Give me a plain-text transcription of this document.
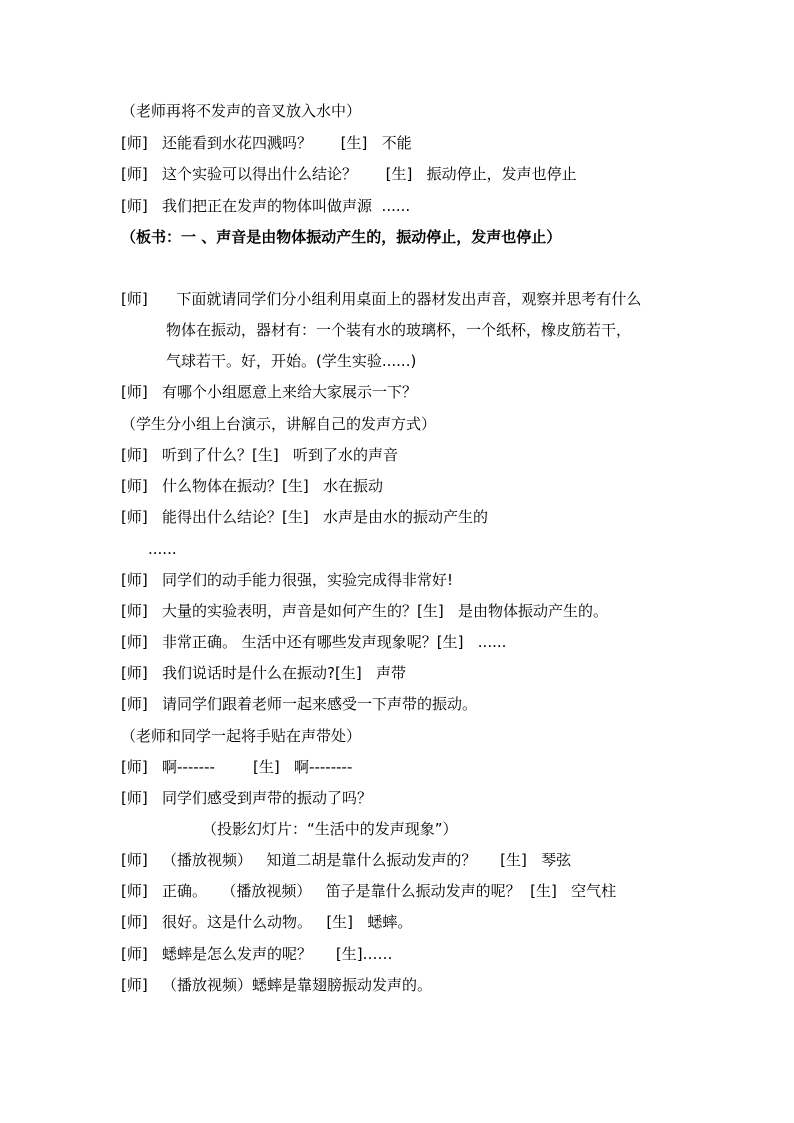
（老师再将不发声的音叉放入水中）
[师]   还能看到水花四溅吗？      [生]   不能
[师]   这个实验可以得出什么结论？      [生]   振动停止，发声也停止
[师]   我们把正在发声的物体叫做声源  ......
（板书：一 、声音是由物体振动产生的，振动停止，发声也停止）
[师]      下面就请同学们分小组利用桌面上的器材发出声音，观察并思考有什么
物体在振动，器材有：一个装有水的玻璃杯，一个纸杯，橡皮筋若干，
气球若干。好，开始。(学生实验......)
[师]   有哪个小组愿意上来给大家展示一下？
（学生分小组上台演示，讲解自己的发声方式）
[师]   听到了什么？[生]   听到了水的声音
[师]   什么物体在振动？[生]   水在振动
[师]   能得出什么结论？[生]   水声是由水的振动产生的
......
[师]   同学们的动手能力很强，实验完成得非常好!
[师]   大量的实验表明，声音是如何产生的？[生]   是由物体振动产生的。
[师]   非常正确。 生活中还有哪些发声现象呢？[生]   ......
[师]   我们说话时是什么在振动?[生]   声带
[师]   请同学们跟着老师一起来感受一下声带的振动。
（老师和同学一起将手贴在声带处）
[师]   啊-------        [生]   啊--------
[师]   同学们感受到声带的振动了吗？
（投影幻灯片：“生活中的发声现象”）
[师]   （播放视频）   知道二胡是靠什么振动发声的？     [生]   琴弦
[师]   正确。   （播放视频）   笛子是靠什么振动发声的呢？  [生]   空气柱
[师]   很好。这是什么动物。   [生]   蟋蟀。
[师]   蟋蟀是怎么发声的呢？     [生]……
[师]   （播放视频）蟋蟀是靠翅膀振动发声的。
